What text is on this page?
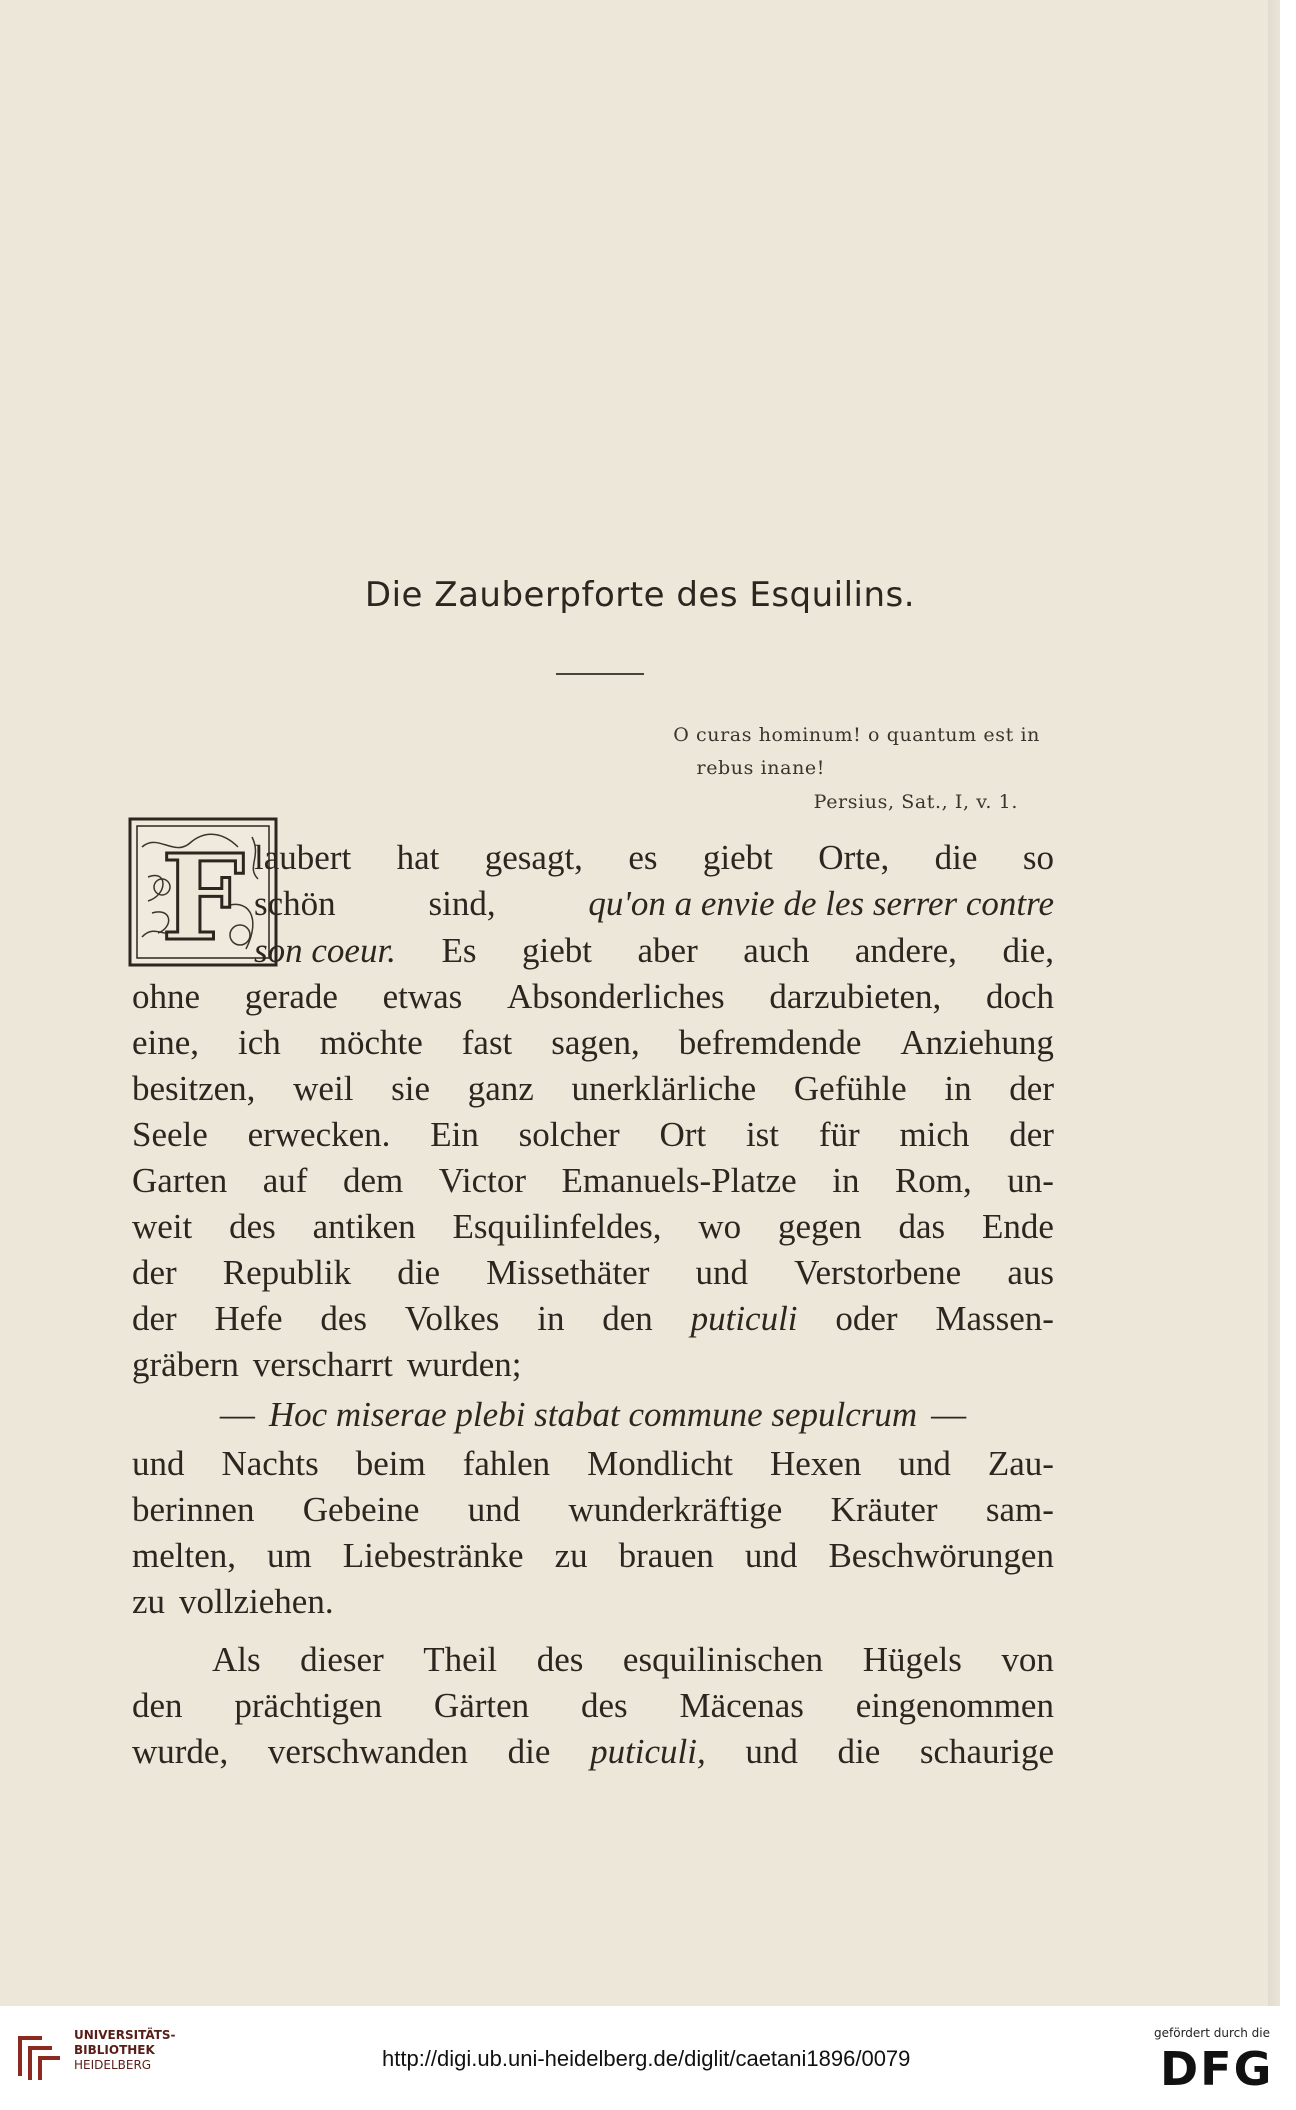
Die Zauberpforte des Esquilins.
O curas hominum! o quantum est in
rebus inane!
Persius, Sat., I, v. 1.
F laubert hat gesagt, es giebt Orte, die so
schön	sind,	qu'on a envie de les serrer contre
son coeur. Es giebt aber auch andere, die,
ohne gerade etwas Absonderliches darzubieten, doch
eine, ich möchte fast sagen, befremdende Anziehung
besitzen, weil sie ganz unerklärliche Gefühle in der
Seele erwecken. Ein solcher Ort ist für mich der
Garten auf dem Victor Emanuels-Platze in Rom, un-
weit des antiken Esquilinfeldes, wo gegen das Ende
der Republik die Missethäter und Verstorbene aus
der Hefe des Volkes in den puticuli oder Massen-
gräbern verscharrt wurden;
— Hoc miserae plebi stabat commune sepulcrum —
und Nachts beim fahlen Mondlicht Hexen und Zau-
berinnen Gebeine und wunderkräftige Kräuter sam-
melten, um Liebestränke zu brauen und Beschwörungen
zu vollziehen.
Als dieser Theil des esquilinischen Hügels von
den prächtigen Gärten des Mäcenas eingenommen
wurde, verschwanden die puticuli, und die schaurige
UNIVERSITÄTS-
BIBLIOTHEK
HEIDELBERG	http://digi.ub.uni-heidelberg.de/diglit/caetani1896/0079
gefördert durch die
DFG
